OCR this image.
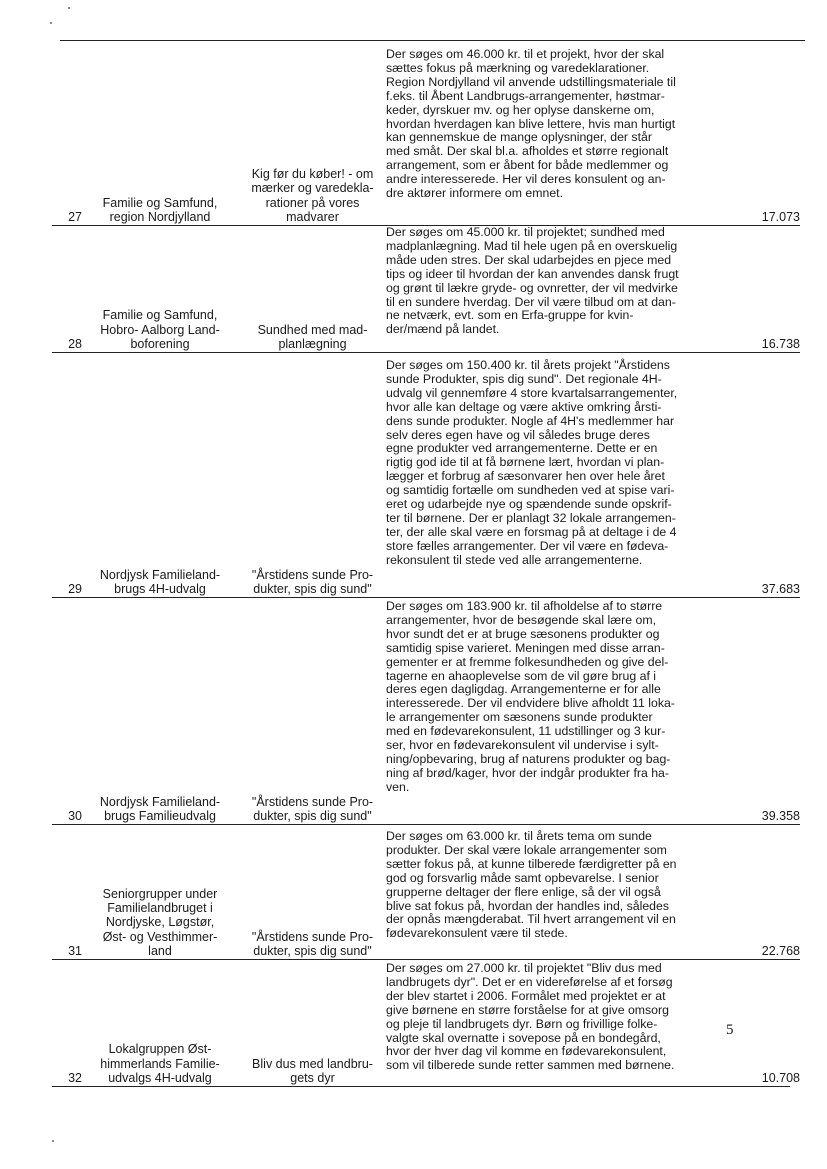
27
Familie og Samfund,
region Nordjylland
Kig før du køber! - om
mærker og varedekla-
rationer på vores
madvarer
Der søges om 46.000 kr. til et projekt, hvor der skal
sættes fokus på mærkning og varedeklarationer.
Region Nordjylland vil anvende udstillingsmateriale til
f.eks. til Åbent Landbrugs-arrangementer, høstmar-
keder, dyrskuer mv. og her oplyse danskerne om,
hvordan hverdagen kan blive lettere, hvis man hurtigt
kan gennemskue de mange oplysninger, der står
med småt. Der skal bl.a. afholdes et større regionalt
arrangement, som er åbent for både medlemmer og
andre interesserede. Her vil deres konsulent og an-
dre aktører informere om emnet.
17.073
28
Familie og Samfund,
Hobro- Aalborg Land-
boforening
Sundhed med mad-
planlægning
Der søges om 45.000 kr. til projektet; sundhed med
madplanlægning. Mad til hele ugen på en overskuelig
måde uden stres. Der skal udarbejdes en pjece med
tips og ideer til hvordan der kan anvendes dansk frugt
og grønt til lækre gryde- og ovnretter, der vil medvirke
til en sundere hverdag. Der vil være tilbud om at dan-
ne netværk, evt. som en Erfa-gruppe for kvin-
der/mænd på landet.
16.738
29
Nordjysk Familieland-
brugs 4H-udvalg
"Årstidens sunde Pro-
dukter, spis dig sund"
Der søges om 150.400 kr. til årets projekt "Årstidens
sunde Produkter, spis dig sund". Det regionale 4H-
udvalg vil gennemføre 4 store kvartalsarrangementer,
hvor alle kan deltage og være aktive omkring årsti-
dens sunde produkter. Nogle af 4H's medlemmer har
selv deres egen have og vil således bruge deres
egne produkter ved arrangementerne. Dette er en
rigtig god ide til at få børnene lært, hvordan vi plan-
lægger et forbrug af sæsonvarer hen over hele året
og samtidig fortælle om sundheden ved at spise vari-
eret og udarbejde nye og spændende sunde opskrif-
ter til børnene. Der er planlagt 32 lokale arrangemen-
ter, der alle skal være en forsmag på at deltage i de 4
store fælles arrangementer. Der vil være en fødeva-
rekonsulent til stede ved alle arrangementerne.
37.683
30
Nordjysk Familieland-
brugs Familieudvalg
"Årstidens sunde Pro-
dukter, spis dig sund"
Der søges om 183.900 kr. til afholdelse af to større
arrangementer, hvor de besøgende skal lære om,
hvor sundt det er at bruge sæsonens produkter og
samtidig spise varieret. Meningen med disse arran-
gementer er at fremme folkesundheden og give del-
tagerne en ahaoplevelse som de vil gøre brug af i
deres egen dagligdag. Arrangementerne er for alle
interesserede. Der vil endvidere blive afholdt 11 loka-
le arrangementer om sæsonens sunde produkter
med en fødevarekonsulent, 11 udstillinger og 3 kur-
ser, hvor en fødevarekonsulent vil undervise i sylt-
ning/opbevaring, brug af naturens produkter og bag-
ning af brød/kager, hvor der indgår produkter fra ha-
ven.
39.358
31
Seniorgrupper under
Familielandbruget i
Nordjyske, Løgstør,
Øst- og Vesthimmer-
land
"Årstidens sunde Pro-
dukter, spis dig sund"
Der søges om 63.000 kr. til årets tema om sunde
produkter. Der skal være lokale arrangementer som
sætter fokus på, at kunne tilberede færdigretter på en
god og forsvarlig måde samt opbevarelse. I senior
grupperne deltager der flere enlige, så der vil også
blive sat fokus på, hvordan der handles ind, således
der opnås mængderabat. Til hvert arrangement vil en
fødevarekonsulent være til stede.
22.768
32
Lokalgruppen Øst-
himmerlands Familie-
udvalgs 4H-udvalg
Bliv dus med landbru-
gets dyr
Der søges om 27.000 kr. til projektet "Bliv dus med
landbrugets dyr". Det er en videreførelse af et forsøg
der blev startet i 2006. Formålet med projektet er at
give børnene en større forståelse for at give omsorg
og pleje til landbrugets dyr. Børn og frivillige folke-
valgte skal overnatte i sovepose på en bondegård,
hvor der hver dag vil komme en fødevarekonsulent,
som vil tilberede sunde retter sammen med børnene.
10.708
5
